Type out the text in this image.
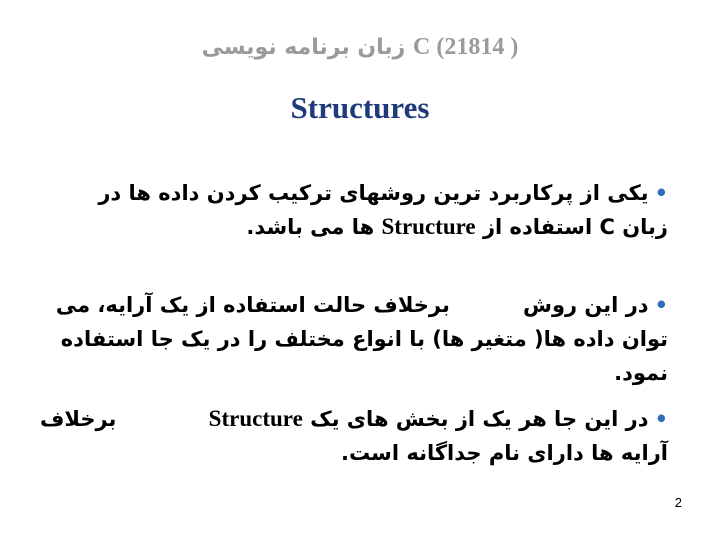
زبان برنامه نویسی C (21814 )
Structures
•یکی از پرکاربرد ترین روشهای ترکیب کردن داده ها در
زبان C استفاده از Structure ها می باشد.
•در این روش          برخلاف حالت استفاده از یک آرایه، می
توان داده ها( متغیر ها) با انواع مختلف را در یک جا استفاده نمود.
•در این جا هر یک از بخش های یک Structure
آرایه ها دارای نام جداگانه است.
برخلاف
2
